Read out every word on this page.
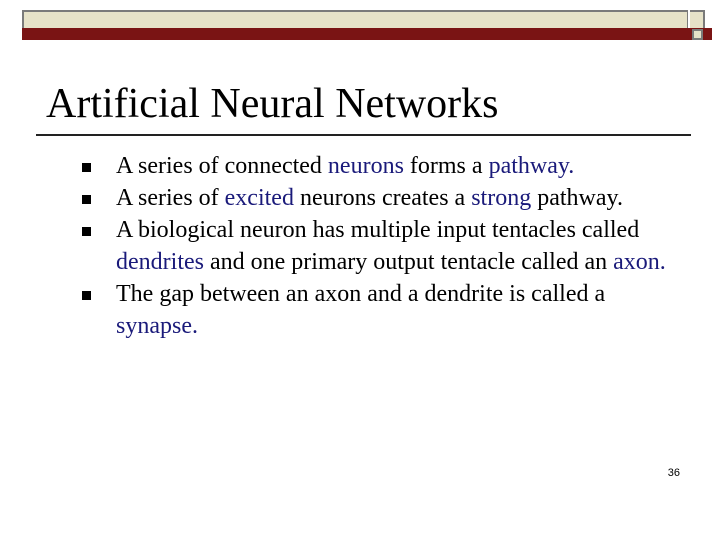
Artificial Neural Networks
A series of connected neurons forms a pathway.
A series of excited neurons creates a strong pathway.
A biological neuron has multiple input tentacles called dendrites and one primary output tentacle called an axon.
The gap between an axon and a dendrite is called a synapse.
36
